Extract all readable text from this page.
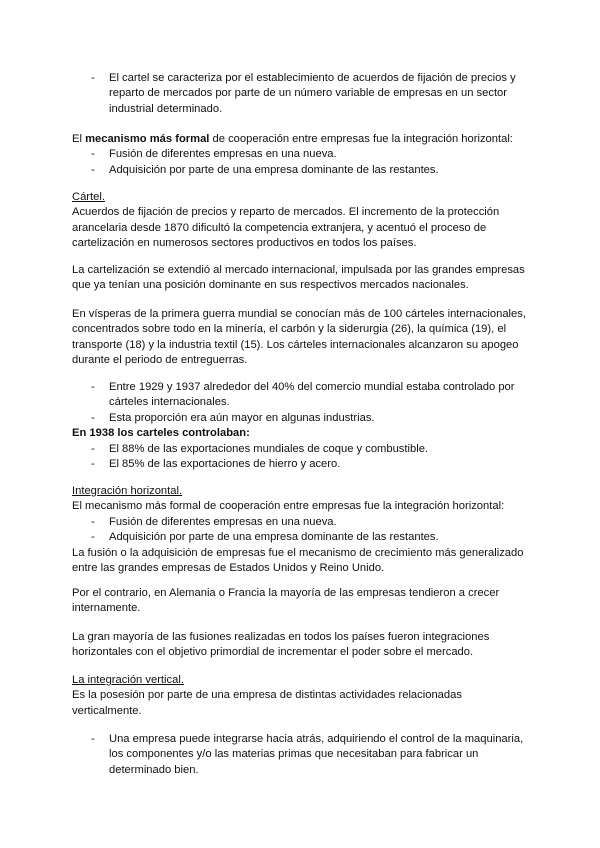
- El cartel se caracteriza por el establecimiento de acuerdos de fijación de precios y reparto de mercados por parte de un número variable de empresas en un sector industrial determinado.

El mecanismo más formal de cooperación entre empresas fue la integración horizontal:

- Fusión de diferentes empresas en una nueva.
- Adquisición por parte de una empresa dominante de las restantes.

Cártel.

Acuerdos de fijación de precios y reparto de mercados. El incremento de la protección arancelaria desde 1870 dificultó la competencia extranjera, y acentuó el proceso de cartelización en numerosos sectores productivos en todos los países.

La cartelización se extendió al mercado internacional, impulsada por las grandes empresas que ya tenían una posición dominante en sus respectivos mercados nacionales.

En vísperas de la primera guerra mundial se conocían más de 100 cárteles internacionales, concentrados sobre todo en la minería, el carbón y la siderurgia (26), la química (19), el transporte (18) y la industria textil (15). Los cárteles internacionales alcanzaron su apogeo durante el periodo de entreguerras.

- Entre 1929 y 1937 alrededor del 40% del comercio mundial estaba controlado por cárteles internacionales.
- Esta proporción era aún mayor en algunas industrias.

En 1938 los carteles controlaban:

- El 88% de las exportaciones mundiales de coque y combustible.
- El 85% de las exportaciones de hierro y acero.

Integración horizontal.

El mecanismo más formal de cooperación entre empresas fue la integración horizontal:

- Fusión de diferentes empresas en una nueva.
- Adquisición por parte de una empresa dominante de las restantes.

La fusión o la adquisición de empresas fue el mecanismo de crecimiento más generalizado entre las grandes empresas de Estados Unidos y Reino Unido.

Por el contrario, en Alemania o Francia la mayoría de las empresas tendieron a crecer internamente.

La gran mayoría de las fusiones realizadas en todos los países fueron integraciones horizontales con el objetivo primordial de incrementar el poder sobre el mercado.

La integración vertical.

Es la posesión por parte de una empresa de distintas actividades relacionadas verticalmente.

- Una empresa puede integrarse hacia atrás, adquiriendo el control de la maquinaria, los componentes y/o las materias primas que necesitaban para fabricar un determinado bien.
